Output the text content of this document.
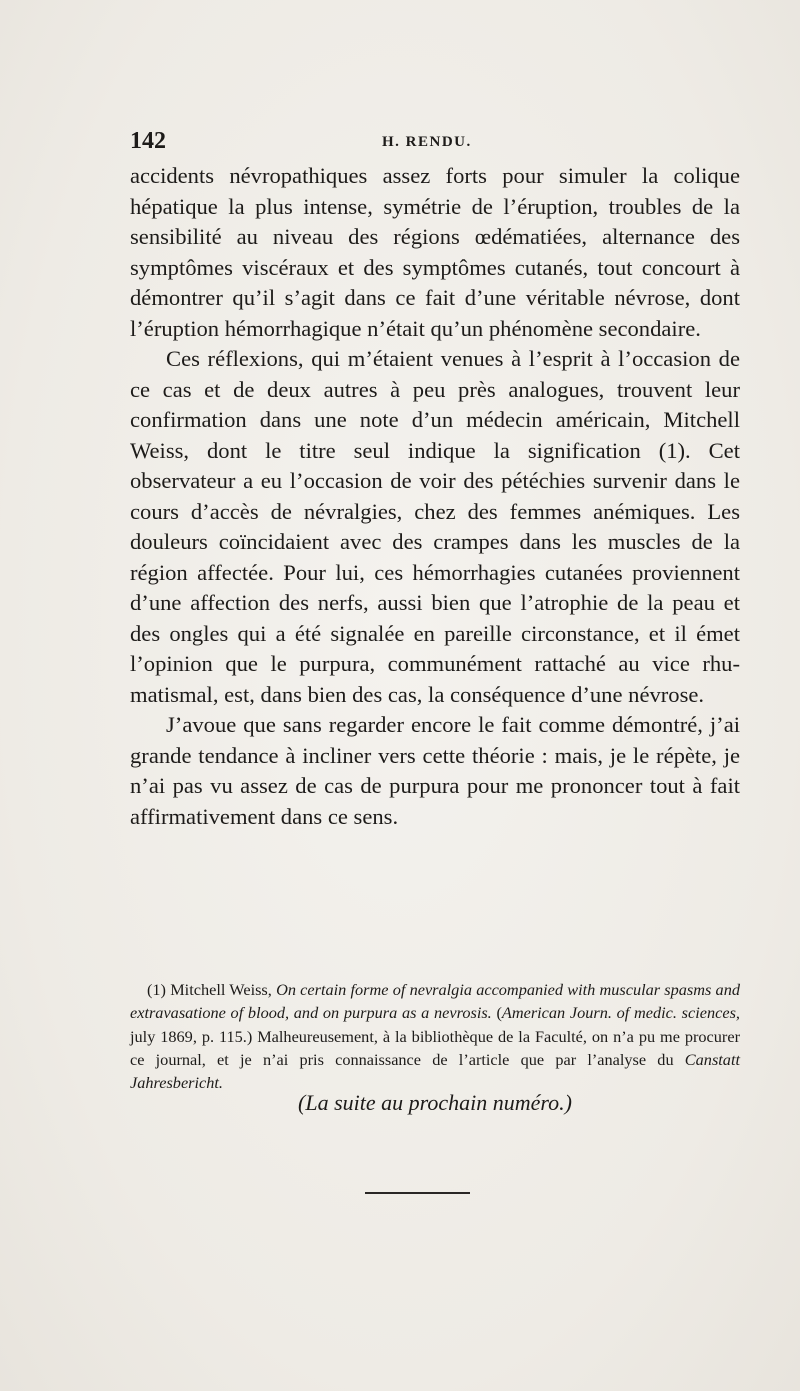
142	H. RENDU.

accidents névropathiques assez forts pour simuler la colique hépatique la plus intense, symétrie de l’éruption, troubles de la sensibilité au niveau des régions œdématiées, alternance des symptômes viscéraux et des symptômes cutanés, tout concourt à démontrer qu’il s’agit dans ce fait d’une véritable névrose, dont l’éruption hémorrhagique n’était qu’un phénomène secondaire.

Ces réflexions, qui m’étaient venues à l’esprit à l’occasion de ce cas et de deux autres à peu près analogues, trouvent leur confirmation dans une note d’un médecin américain, Mitchell Weiss, dont le titre seul indique la signification (1). Cet observateur a eu l’occasion de voir des pétéchies survenir dans le cours d’accès de névralgies, chez des femmes anémiques. Les douleurs coïncidaient avec des crampes dans les muscles de la région affectée. Pour lui, ces hémorrhagies cutanées proviennent d’une affection des nerfs, aussi bien que l’atrophie de la peau et des ongles qui a été signalée en pareille circonstance, et il émet l’opinion que le purpura, communément rattaché au vice rhumatismal, est, dans bien des cas, la conséquence d’une névrose.

J’avoue que sans regarder encore le fait comme démontré, j’ai grande tendance à incliner vers cette théorie : mais, je le répète, je n’ai pas vu assez de cas de purpura pour me prononcer tout à fait affirmativement dans ce sens.

(1) Mitchell Weiss, On certain forme of nevralgia accompanied with muscular spasms and extravasatione of blood, and on purpura as a nevrosis. (American Journ. of medic. sciences, july 1869, p. 115.) Malheureusement, à la bibliothèque de la Faculté, on n’a pu me procurer ce journal, et je n’ai pris connaissance de l’article que par l’analyse du Canstatt Jahresbericht.
(La suite au prochain numéro.)
